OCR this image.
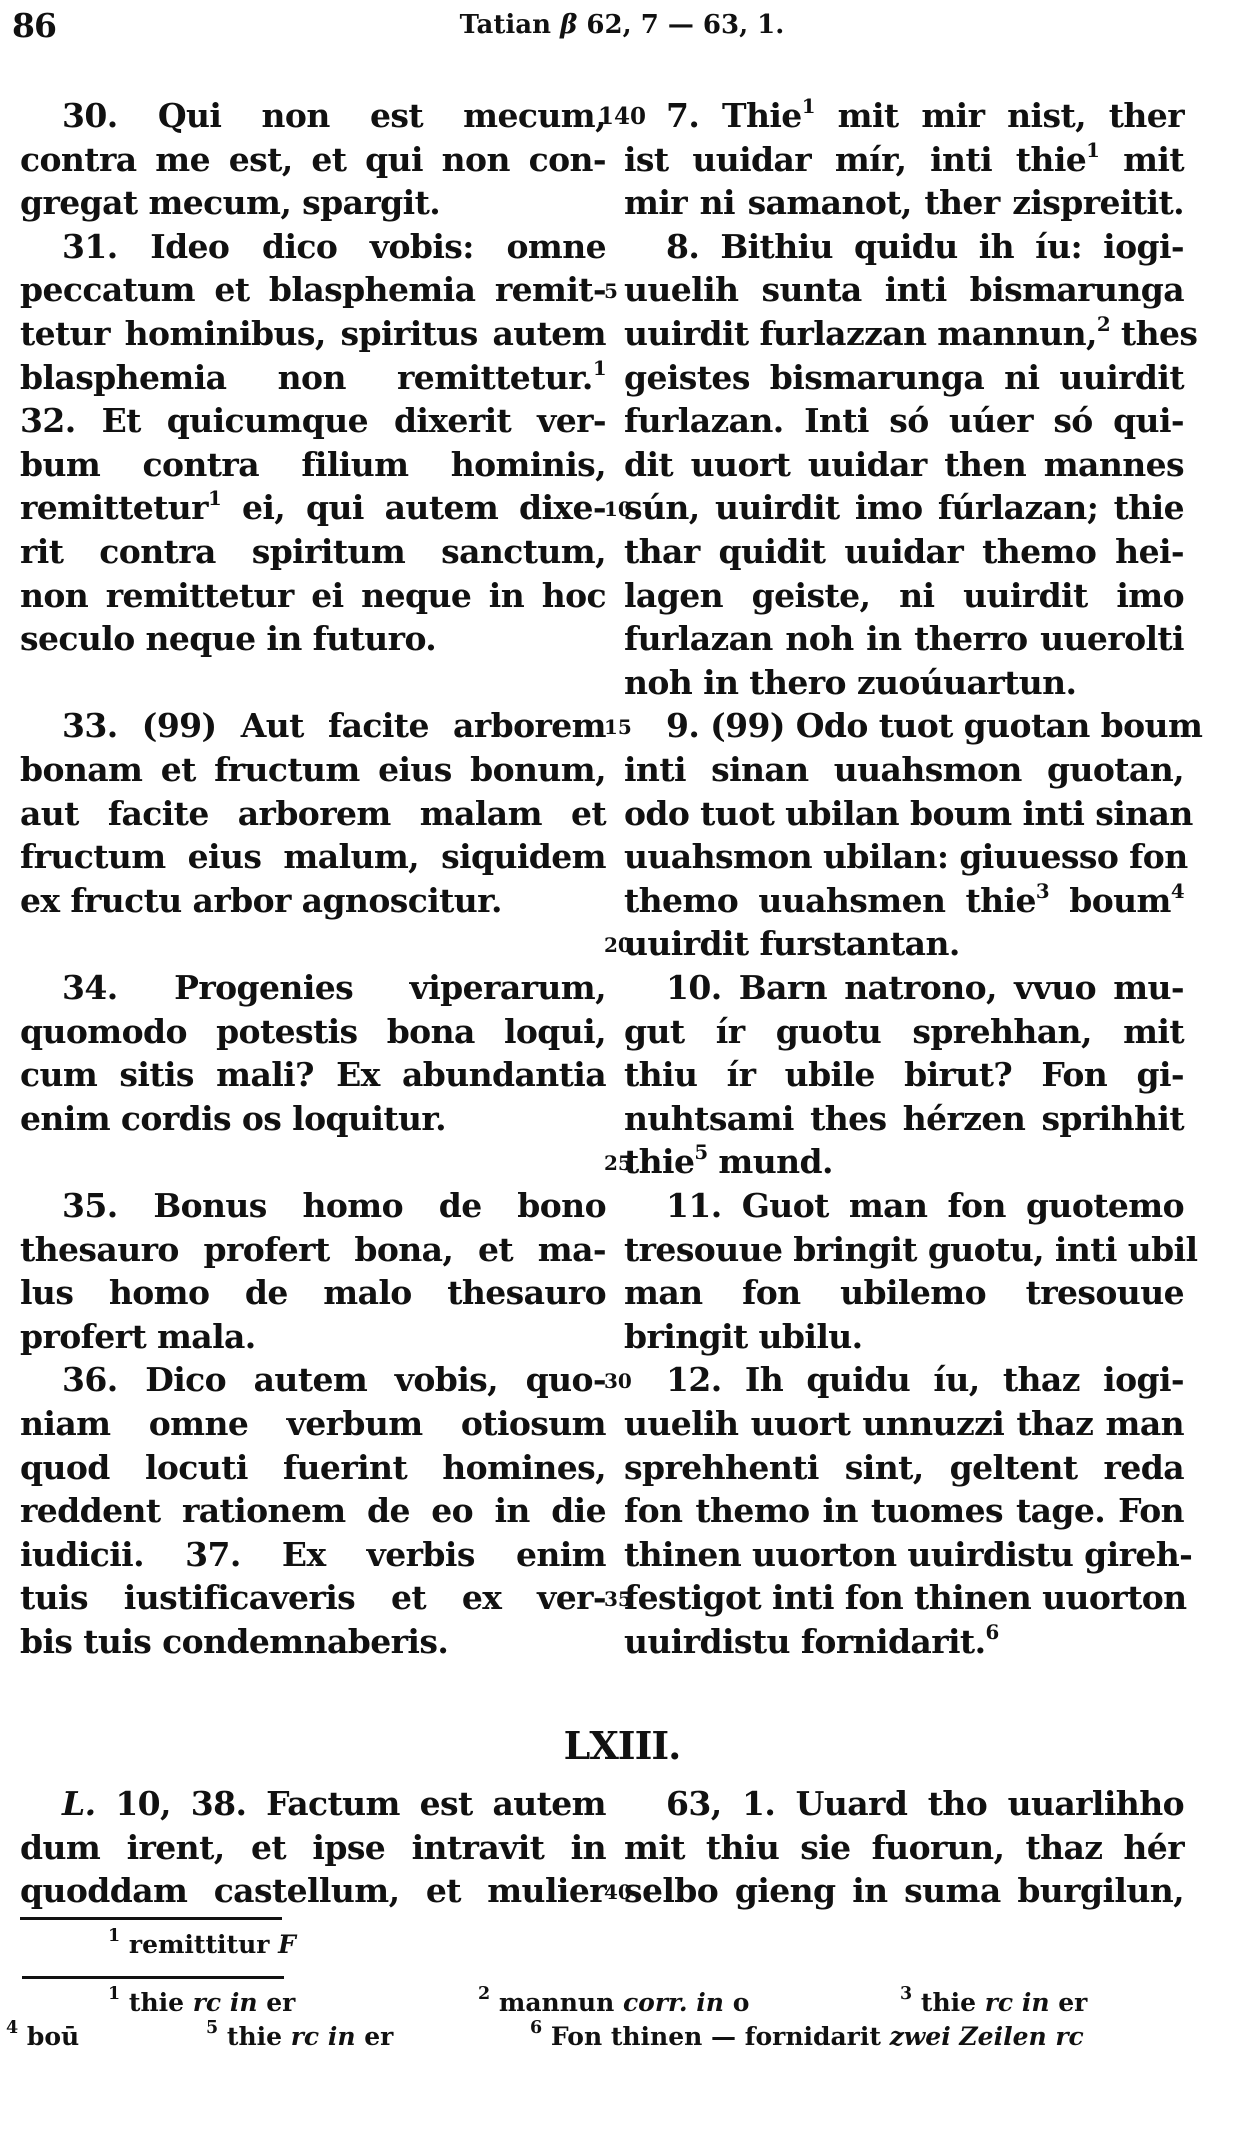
86	Tatian β 62, 7 — 63, 1.
30. Qui non est mecum,
contra me est, et qui non con-
gregat mecum, spargit.
31. Ideo dico vobis: omne
peccatum et blasphemia remit-
tetur hominibus, spiritus autem
blasphemia non remittetur.$^1$
32. Et quicumque dixerit ver-
bum contra filium hominis,
remittetur$^1$ ei, qui autem dixe-
rit contra spiritum sanctum,
non remittetur ei neque in hoc
seculo neque in futuro.
33. (99) Aut facite arborem
bonam et fructum eius bonum,
aut facite arborem malam et
fructum eius malum, siquidem
ex fructu arbor agnoscitur.
34. Progenies viperarum,
quomodo potestis bona loqui,
cum sitis mali? Ex abundantia
enim cordis os loquitur.
35. Bonus homo de bono
thesauro profert bona, et ma-
lus homo de malo thesauro
profert mala.
36. Dico autem vobis, quo-
niam omne verbum otiosum
quod locuti fuerint homines,
reddent rationem de eo in die
iudicii. 37. Ex verbis enim
tuis iustificaveris et ex ver-
bis tuis condemnaberis.
140
5
10
15
20
25
30
35
7. Thie$^1$ mit mir nist, ther
ist uuidar mír, inti thie$^1$ mit
mir ni samanot, ther zispreitit.
8. Bithiu quidu ih íu: iogi-
uuelih sunta inti bismarunga
uuirdit furlazzan mannun,$^2$ thes
geistes bismarunga ni uuirdit
furlazan. Inti só uúer só qui-
dit uuort uuidar then mannes
sún, uuirdit imo fúrlazan; thie
thar quidit uuidar themo hei-
lagen geiste, ni uuirdit imo
furlazan noh in therro uuerolti
noh in thero zuoúuartun.
9. (99) Odo tuot guotan boum
inti sinan uuahsmon guotan,
odo tuot ubilan boum inti sinan
uuahsmon ubilan: giuuesso fon
themo uuahsmen thie$^3$ boum$^4$
uuirdit furstantan.
10. Barn natrono, vvuo mu-
gut ír guotu sprehhan, mit
thiu ír ubile birut? Fon gi-
nuhtsami thes hérzen sprihhit
thie$^5$ mund.
11. Guot man fon guotemo
tresouue bringit guotu, inti ubil
man fon ubilemo tresouue
bringit ubilu.
12. Ih quidu íu, thaz iogi-
uuelih uuort unnuzzi thaz man
sprehhenti sint, geltent reda
fon themo in tuomes tage. Fon
thinen uuorton uuirdistu gireh-
festigot inti fon thinen uuorton
uuirdistu fornidarit.$^6$
LXIII.
L. 10, 38. Factum est autem
dum irent, et ipse intravit in
quoddam castellum, et mulier
40
63, 1. Uuard tho uuarlihho
mit thiu sie fuorun, thaz hér
selbo gieng in suma burgilun,
$^1$ remittitur F
$^1$ thie rc in er	$^2$ mannun corr. in o	$^3$ thie rc in er
$^4$ boū	$^5$ thie rc in er	$^6$ Fon thinen — fornidarit zwei Zeilen rc
